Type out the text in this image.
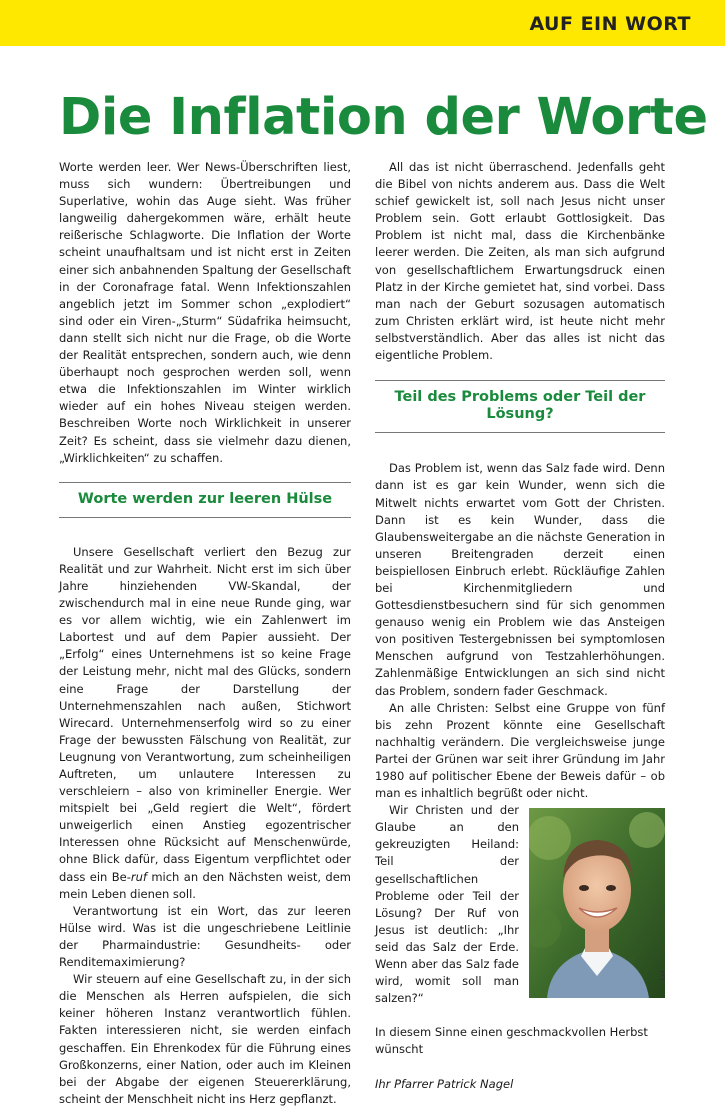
AUF EIN WORT
Die Inflation der Worte

Worte werden leer. Wer News-Überschriften liest, muss sich wundern: Übertreibungen und Superlative, wohin das Auge sieht. Was früher langweilig dahergekommen wäre, erhält heute reißerische Schlagworte. Die Inflation der Worte scheint unaufhaltsam und ist nicht erst in Zeiten einer sich anbahnenden Spaltung der Gesellschaft in der Coronafrage fatal. Wenn Infektionszahlen angeblich jetzt im Sommer schon „explodiert“ sind oder ein Viren-„Sturm“ Südafrika heimsucht, dann stellt sich nicht nur die Frage, ob die Worte der Realität entsprechen, sondern auch, wie denn überhaupt noch gesprochen werden soll, wenn etwa die Infektionszahlen im Winter wirklich wieder auf ein hohes Niveau steigen werden. Beschreiben Worte noch Wirklichkeit in unserer Zeit? Es scheint, dass sie vielmehr dazu dienen, „Wirklichkeiten“ zu schaffen.

Worte werden zur leeren Hülse

Unsere Gesellschaft verliert den Bezug zur Realität und zur Wahrheit. Nicht erst im sich über Jahre hinziehenden VW-Skandal, der zwischendurch mal in eine neue Runde ging, war es vor allem wichtig, wie ein Zahlenwert im Labortest und auf dem Papier aussieht. Der „Erfolg“ eines Unternehmens ist so keine Frage der Leistung mehr, nicht mal des Glücks, sondern eine Frage der Darstellung der Unternehmenszahlen nach außen, Stichwort Wirecard. Unternehmenserfolg wird so zu einer Frage der bewussten Fälschung von Realität, zur Leugnung von Verantwortung, zum scheinheiligen Auftreten, um unlautere Interessen zu verschleiern – also von krimineller Energie. Wer mitspielt bei „Geld regiert die Welt“, fördert unweigerlich einen Anstieg egozentrischer Interessen ohne Rücksicht auf Menschenwürde, ohne Blick dafür, dass Eigentum verpflichtet oder dass ein Be-ruf mich an den Nächsten weist, dem mein Leben dienen soll.

Verantwortung ist ein Wort, das zur leeren Hülse wird. Was ist die ungeschriebene Leitlinie der Pharmaindustrie: Gesundheits- oder Renditemaximierung?

Wir steuern auf eine Gesellschaft zu, in der sich die Menschen als Herren aufspielen, die sich keiner höheren Instanz verantwortlich fühlen. Fakten interessieren nicht, sie werden einfach geschaffen. Ein Ehrenkodex für die Führung eines Großkonzerns, einer Nation, oder auch im Kleinen bei der Abgabe der eigenen Steuererklärung, scheint der Menschheit nicht ins Herz gepflanzt.

All das ist nicht überraschend. Jedenfalls geht die Bibel von nichts anderem aus. Dass die Welt schief gewickelt ist, soll nach Jesus nicht unser Problem sein. Gott erlaubt Gottlosigkeit. Das Problem ist nicht mal, dass die Kirchenbänke leerer werden. Die Zeiten, als man sich aufgrund von gesellschaftlichem Erwartungsdruck einen Platz in der Kirche gemietet hat, sind vorbei. Dass man nach der Geburt sozusagen automatisch zum Christen erklärt wird, ist heute nicht mehr selbstverständlich. Aber das alles ist nicht das eigentliche Problem.

Teil des Problems oder Teil der Lösung?

Das Problem ist, wenn das Salz fade wird. Denn dann ist es gar kein Wunder, wenn sich die Mitwelt nichts erwartet vom Gott der Christen. Dann ist es kein Wunder, dass die Glaubensweitergabe an die nächste Generation in unseren Breitengraden derzeit einen beispiellosen Einbruch erlebt. Rückläufige Zahlen bei Kirchenmitgliedern und Gottesdienstbesuchern sind für sich genommen genauso wenig ein Problem wie das Ansteigen von positiven Testergebnissen bei symptomlosen Menschen aufgrund von Testzahlerhöhungen. Zahlenmäßige Entwicklungen an sich sind nicht das Problem, sondern fader Geschmack.

An alle Christen: Selbst eine Gruppe von fünf bis zehn Prozent könnte eine Gesellschaft nachhaltig verändern. Die vergleichsweise junge Partei der Grünen war seit ihrer Gründung im Jahr 1980 auf politischer Ebene der Beweis dafür – ob man es inhaltlich begrüßt oder nicht.

Wir Christen und der Glaube an den gekreuzigten Heiland: Teil der gesellschaftlichen Probleme oder Teil der Lösung? Der Ruf von Jesus ist deutlich: „Ihr seid das Salz der Erde. Wenn aber das Salz fade wird, womit soll man salzen?“

In diesem Sinne einen geschmackvollen Herbst wünscht

Ihr Pfarrer Patrick Nagel

3
